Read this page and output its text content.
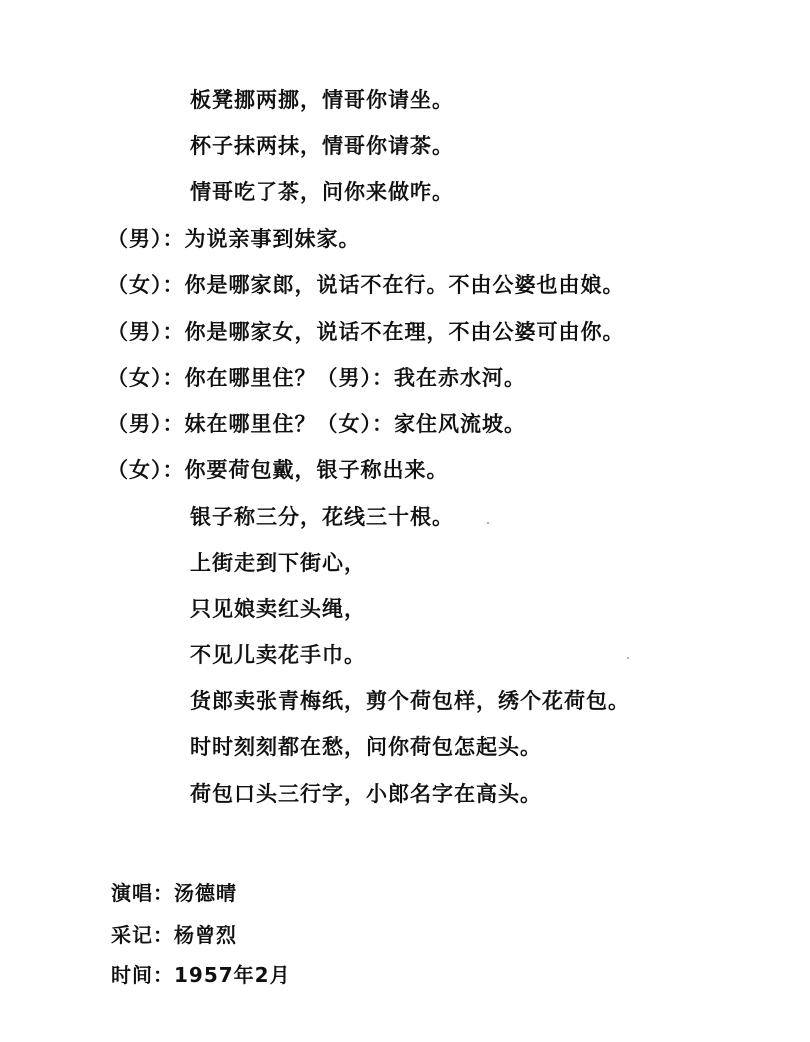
板凳挪两挪，情哥你请坐。
杯子抹两抹，情哥你请茶。
情哥吃了茶，问你来做咋。
（男）：为说亲事到妹家。
（女）：你是哪家郎，说话不在行。不由公婆也由娘。
（男）：你是哪家女，说话不在理，不由公婆可由你。
（女）：你在哪里住？（男）：我在赤水河。
（男）：妹在哪里住？（女）：家住风流坡。
（女）：你要荷包戴，银子称出来。
银子称三分，花线三十根。
上街走到下街心，
只见娘卖红头绳，
不见儿卖花手巾。
货郎卖张青梅纸，剪个荷包样，绣个花荷包。
时时刻刻都在愁，问你荷包怎起头。
荷包口头三行字，小郎名字在高头。
演唱：汤德晴
采记：杨曾烈
时间：1957年2月
